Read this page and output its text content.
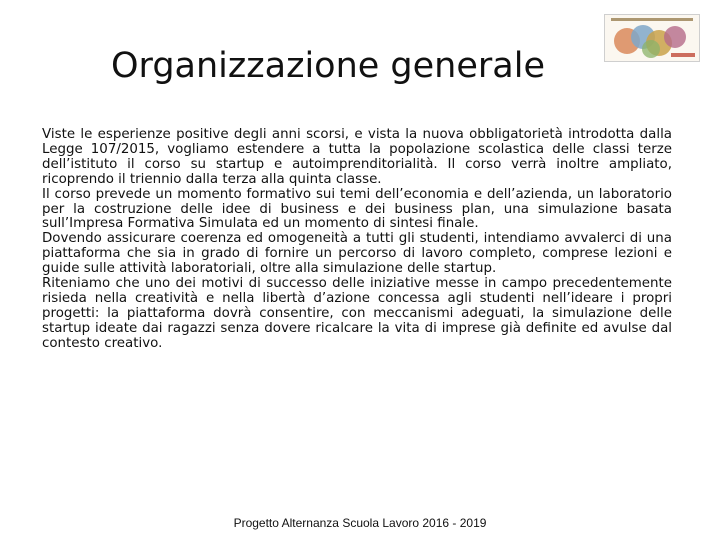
Organizzazione generale

Viste le esperienze positive degli anni scorsi, e vista la nuova obbligatorietà introdotta dalla Legge 107/2015, vogliamo estendere a tutta la popolazione scolastica delle classi terze dell’istituto il corso su startup e autoimprenditorialità. Il corso verrà inoltre ampliato, ricoprendo il triennio dalla terza alla quinta classe.

Il corso prevede un momento formativo sui temi dell’economia e dell’azienda, un laboratorio per la costruzione delle idee di business e dei business plan, una simulazione basata sull’Impresa Formativa Simulata ed un momento di sintesi finale.

Dovendo assicurare coerenza ed omogeneità a tutti gli studenti, intendiamo avvalerci di una piattaforma che sia in grado di fornire un percorso di lavoro completo, comprese lezioni e guide sulle attività laboratoriali, oltre alla simulazione delle startup.

Riteniamo che uno dei motivi di successo delle iniziative messe in campo precedentemente risieda nella creatività e nella libertà d’azione concessa agli studenti nell’ideare i propri progetti: la piattaforma dovrà consentire, con meccanismi adeguati, la simulazione delle startup ideate dai ragazzi senza dovere ricalcare la vita di imprese già definite ed avulse dal contesto creativo.

Progetto Alternanza Scuola Lavoro 2016 - 2019
